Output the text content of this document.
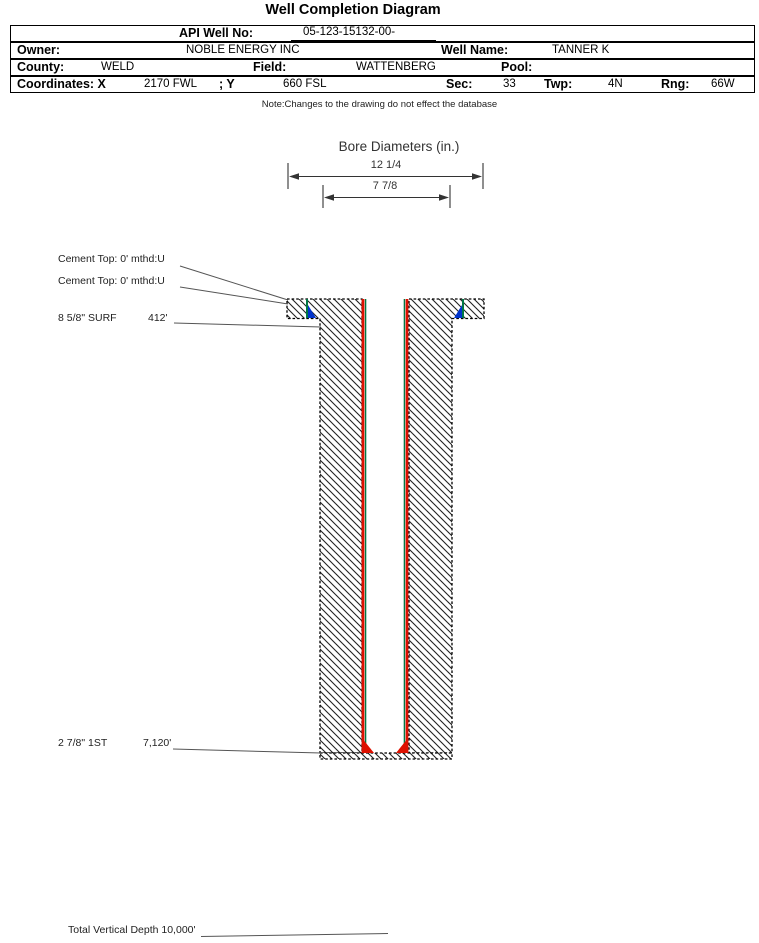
Well Completion Diagram
API Well No:	05-123-15132-00-
Owner:	NOBLE ENERGY INC	Well Name:	TANNER K
County:	WELD	Field:	WATTENBERG	Pool:
Coordinates: X	2170 FWL ; Y	660 FSL	Sec:	33 Twp:	4N	Rng: 66W
Note:Changes to the drawing do not effect the database
Bore Diameters (in.)
12 1/4
7 7/8
Cement Top: 0' mthd:U
Cement Top: 0' mthd:U
8 5/8" SURF	412'
2 7/8" 1ST	7,120'
Total Vertical Depth 10,000'
